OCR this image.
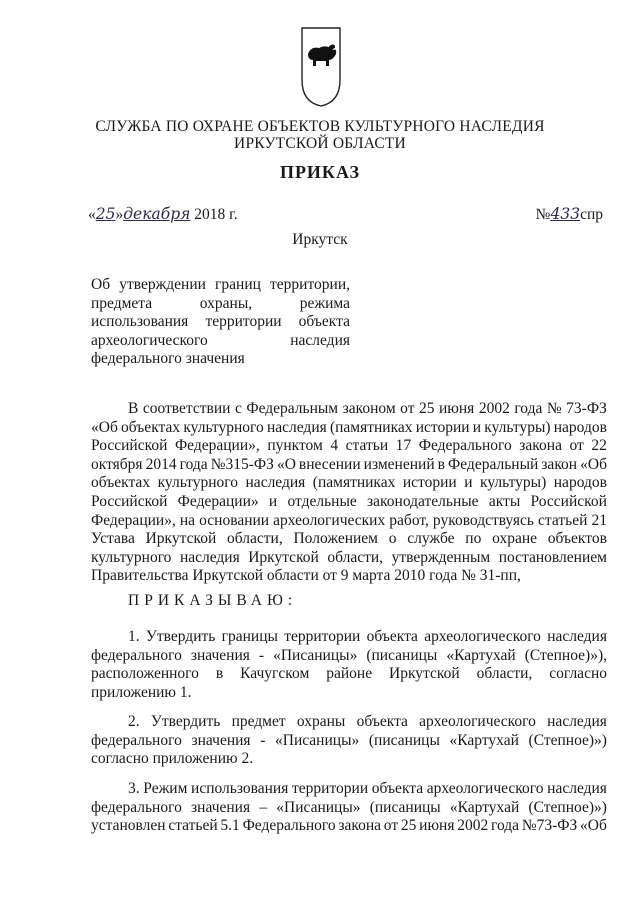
СЛУЖБА ПО ОХРАНЕ ОБЪЕКТОВ КУЛЬТУРНОГО НАСЛЕДИЯ
ИРКУТСКОЙ ОБЛАСТИ
ПРИКАЗ
«25»декабря 2018 г.	№433спр
Иркутск
Об утверждении границ территории,
предмета	охраны,	режима
использования территории объекта
археологического	наследия
федерального значения
В соответствии с Федеральным законом от 25 июня 2002 года № 73-ФЗ
«Об объектах культурного наследия (памятниках истории и культуры) народов
Российской Федерации», пунктом 4 статьи 17 Федерального закона от 22
октября 2014 года №315-ФЗ «О внесении изменений в Федеральный закон «Об
объектах культурного наследия (памятниках истории и культуры) народов
Российской Федерации» и отдельные законодательные акты Российской
Федерации», на основании археологических работ, руководствуясь статьей 21
Устава Иркутской области, Положением о службе по охране объектов
культурного наследия Иркутской области, утвержденным постановлением
Правительства Иркутской области от 9 марта 2010 года № 31-пп,
ПРИКАЗЫВАЮ:
1. Утвердить границы территории объекта археологического наследия
федерального значения - «Писаницы» (писаницы «Картухай (Степное)»),
расположенного в Качугском районе Иркутской области, согласно
приложению 1.
2. Утвердить предмет охраны объекта археологического наследия
федерального значения - «Писаницы» (писаницы «Картухай (Степное)»)
согласно приложению 2.
3. Режим использования территории объекта археологического наследия
федерального значения – «Писаницы» (писаницы «Картухай (Степное)»)
установлен статьей 5.1 Федерального закона от 25 июня 2002 года №73-ФЗ «Об
